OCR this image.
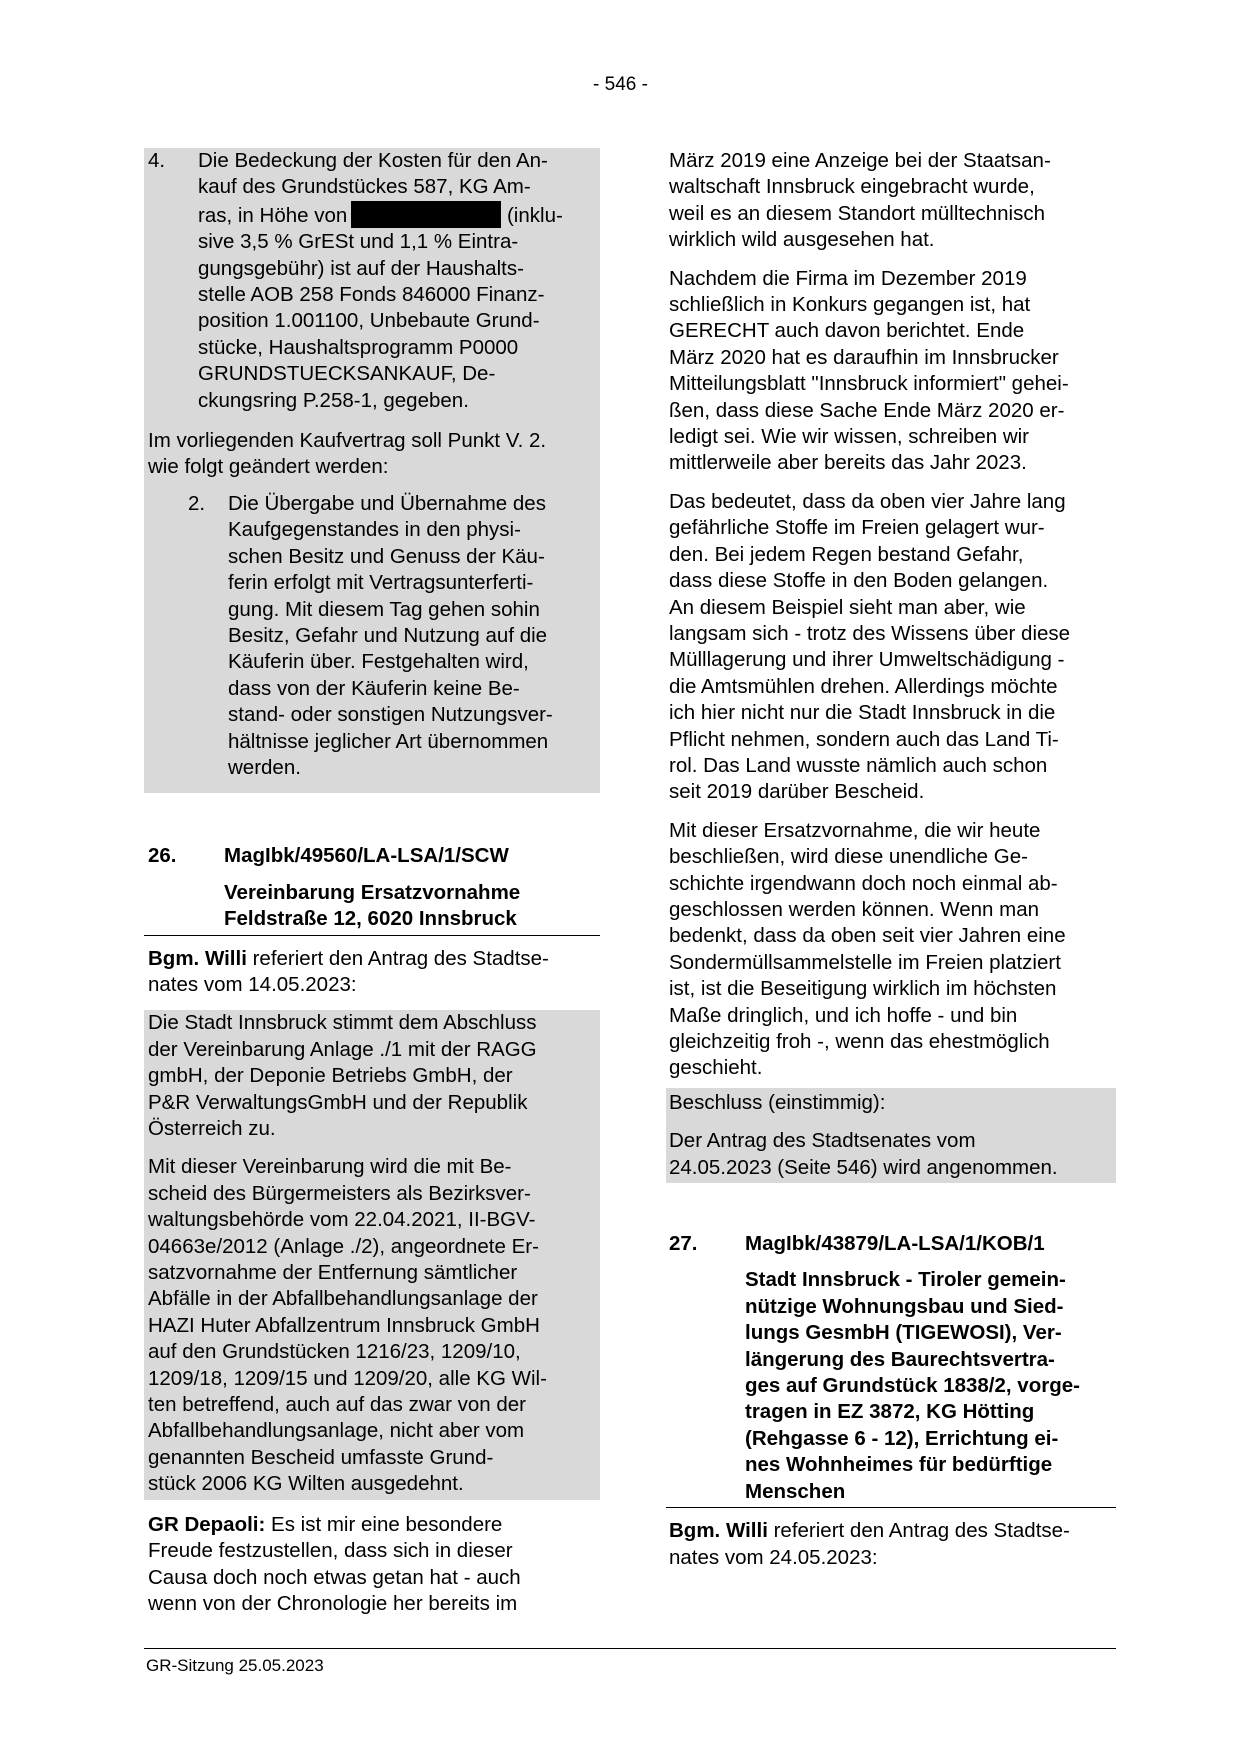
- 546 -
4.	Die Bedeckung der Kosten für den An-

kauf des Grundstückes 587, KG Am-

ras, in Höhe von	(inklu-

sive 3,5 % GrESt und 1,1 % Eintra-

gungsgebühr) ist auf der Haushalts-

stelle AOB 258 Fonds 846000 Finanz-

position 1.001100, Unbebaute Grund-

stücke, Haushaltsprogramm P0000

GRUNDSTUECKSANKAUF, De-

ckungsring P.258-1, gegeben.

Im vorliegenden Kaufvertrag soll Punkt V. 2.

wie folgt geändert werden:

2.	Die Übergabe und Übernahme des

Kaufgegenstandes in den physi-

schen Besitz und Genuss der Käu-

ferin erfolgt mit Vertragsunterferti-

gung. Mit diesem Tag gehen sohin

Besitz, Gefahr und Nutzung auf die

Käuferin über. Festgehalten wird,

dass von der Käuferin keine Be-

stand- oder sonstigen Nutzungsver-

hältnisse jeglicher Art übernommen

werden.

26.	MagIbk/49560/LA-LSA/1/SCW

Vereinbarung Ersatzvornahme

Feldstraße 12, 6020 Innsbruck

Bgm. Willi referiert den Antrag des Stadtse-

nates vom 14.05.2023:

Die Stadt Innsbruck stimmt dem Abschluss

der Vereinbarung Anlage ./1 mit der RAGG

gmbH, der Deponie Betriebs GmbH, der

P&R VerwaltungsGmbH und der Republik

Österreich zu.

Mit dieser Vereinbarung wird die mit Be-

scheid des Bürgermeisters als Bezirksver-

waltungsbehörde vom 22.04.2021, II-BGV-

04663e/2012 (Anlage ./2), angeordnete Er-

satzvornahme der Entfernung sämtlicher

Abfälle in der Abfallbehandlungsanlage der

HAZI Huter Abfallzentrum Innsbruck GmbH

auf den Grundstücken 1216/23, 1209/10,

1209/18, 1209/15 und 1209/20, alle KG Wil-

ten betreffend, auch auf das zwar von der

Abfallbehandlungsanlage, nicht aber vom

genannten Bescheid umfasste Grund-

stück 2006 KG Wilten ausgedehnt.

GR Depaoli: Es ist mir eine besondere

Freude festzustellen, dass sich in dieser

Causa doch noch etwas getan hat - auch

wenn von der Chronologie her bereits im

März 2019 eine Anzeige bei der Staatsan-

waltschaft Innsbruck eingebracht wurde,

weil es an diesem Standort mülltechnisch

wirklich wild ausgesehen hat.

Nachdem die Firma im Dezember 2019

schließlich in Konkurs gegangen ist, hat

GERECHT auch davon berichtet. Ende

März 2020 hat es daraufhin im Innsbrucker

Mitteilungsblatt "Innsbruck informiert" gehei-

ßen, dass diese Sache Ende März 2020 er-

ledigt sei. Wie wir wissen, schreiben wir

mittlerweile aber bereits das Jahr 2023.

Das bedeutet, dass da oben vier Jahre lang

gefährliche Stoffe im Freien gelagert wur-

den. Bei jedem Regen bestand Gefahr,

dass diese Stoffe in den Boden gelangen.

An diesem Beispiel sieht man aber, wie

langsam sich - trotz des Wissens über diese

Mülllagerung und ihrer Umweltschädigung -

die Amtsmühlen drehen. Allerdings möchte

ich hier nicht nur die Stadt Innsbruck in die

Pflicht nehmen, sondern auch das Land Ti-

rol. Das Land wusste nämlich auch schon

seit 2019 darüber Bescheid.

Mit dieser Ersatzvornahme, die wir heute

beschließen, wird diese unendliche Ge-

schichte irgendwann doch noch einmal ab-

geschlossen werden können. Wenn man

bedenkt, dass da oben seit vier Jahren eine

Sondermüllsammelstelle im Freien platziert

ist, ist die Beseitigung wirklich im höchsten

Maße dringlich, und ich hoffe - und bin

gleichzeitig froh -, wenn das ehestmöglich

geschieht.

Beschluss (einstimmig):

Der Antrag des Stadtsenates vom

24.05.2023 (Seite 546) wird angenommen.

27.	MagIbk/43879/LA-LSA/1/KOB/1

Stadt Innsbruck - Tiroler gemein-

nützige Wohnungsbau und Sied-

lungs GesmbH (TIGEWOSI), Ver-

längerung des Baurechtsvertra-

ges auf Grundstück 1838/2, vorge-

tragen in EZ 3872, KG Hötting

(Rehgasse 6 - 12), Errichtung ei-

nes Wohnheimes für bedürftige

Menschen

Bgm. Willi referiert den Antrag des Stadtse-

nates vom 24.05.2023:

GR-Sitzung 25.05.2023
